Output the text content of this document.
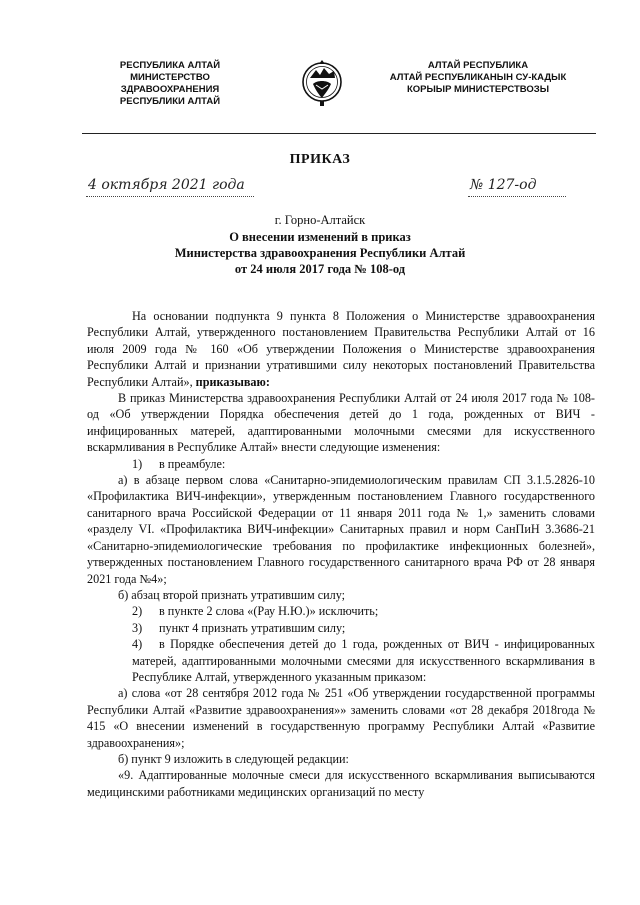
РЕСПУБЛИКА АЛТАЙ
МИНИСТЕРСТВО ЗДРАВООХРАНЕНИЯ
РЕСПУБЛИКИ АЛТАЙ
АЛТАЙ РЕСПУБЛИКА
АЛТАЙ РЕСПУБЛИКАНЫН СУ-КАДЫК
КОРЫЫР МИНИСТЕРСТВОЗЫ
ПРИКАЗ
4 октября 2021 года	№ 127-од
г. Горно-Алтайск
О внесении изменений в приказ
Министерства здравоохранения Республики Алтай
от 24 июля 2017 года № 108-од

На основании подпункта 9 пункта 8 Положения о Министерстве здравоохранения Республики Алтай, утвержденного постановлением Правительства Республики Алтай от 16 июля 2009 года № 160 «Об утверждении Положения о Министерстве здравоохранения Республики Алтай и признании утратившими силу некоторых постановлений Правительства Республики Алтай», приказываю:

В приказ Министерства здравоохранения Республики Алтай от 24 июля 2017 года № 108-од «Об утверждении Порядка обеспечения детей до 1 года, рожденных от ВИЧ - инфицированных матерей, адаптированными молочными смесями для искусственного вскармливания в Республике Алтай» внести следующие изменения:

1) в преамбуле:

а) в абзаце первом слова «Санитарно-эпидемиологическим правилам СП 3.1.5.2826-10 «Профилактика ВИЧ-инфекции», утвержденным постановлением Главного государственного санитарного врача Российской Федерации от 11 января 2011 года № 1,» заменить словами «разделу VI. «Профилактика ВИЧ-инфекции» Санитарных правил и норм СанПиН 3.3686-21 «Санитарно-эпидемиологические требования по профилактике инфекционных болезней», утвержденных постановлением Главного государственного санитарного врача РФ от 28 января 2021 года №4»;

б) абзац второй признать утратившим силу;

2) в пункте 2 слова «(Рау Н.Ю.)» исключить;

3) пункт 4 признать утратившим силу;

4) в Порядке обеспечения детей до 1 года, рожденных от ВИЧ - инфицированных матерей, адаптированными молочными смесями для искусственного вскармливания в Республике Алтай, утвержденного указанным приказом:

а) слова «от 28 сентября 2012 года № 251 «Об утверждении государственной программы Республики Алтай «Развитие здравоохранения»» заменить словами «от 28 декабря 2018года № 415 «О внесении изменений в государственную программу Республики Алтай «Развитие здравоохранения»;

б) пункт 9 изложить в следующей редакции:

«9. Адаптированные молочные смеси для искусственного вскармливания выписываются медицинскими работниками медицинских организаций по месту
